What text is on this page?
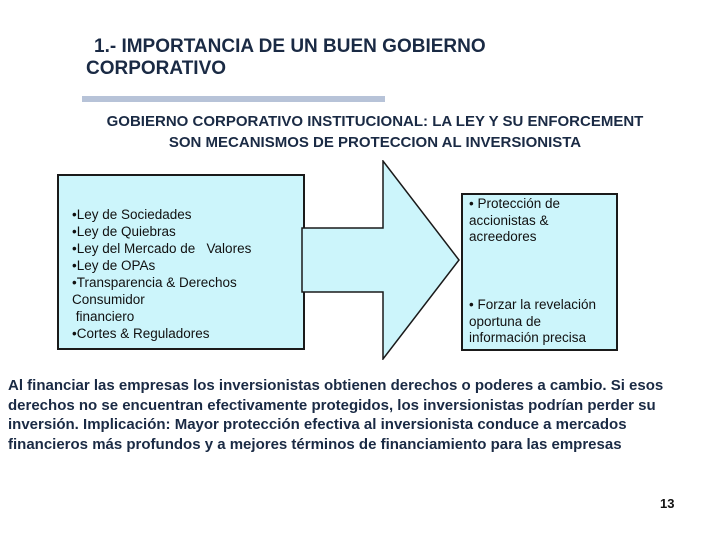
1.- IMPORTANCIA DE UN BUEN GOBIERNO
CORPORATIVO
GOBIERNO CORPORATIVO INSTITUCIONAL: LA LEY Y SU ENFORCEMENT
SON MECANISMOS DE PROTECCION AL INVERSIONISTA
•Ley de Sociedades
•Ley de Quiebras
•Ley del Mercado de   Valores
•Ley de OPAs
•Transparencia & Derechos
Consumidor
financiero
•Cortes & Reguladores
• Protección de accionistas & acreedores
• Forzar la revelación oportuna de información precisa
Al financiar las empresas los inversionistas obtienen derechos o poderes a cambio. Si esos derechos no se encuentran efectivamente protegidos, los inversionistas podrían perder su inversión. Implicación: Mayor protección efectiva al inversionista conduce a mercados financieros más profundos y a mejores términos de financiamiento para las empresas
13
